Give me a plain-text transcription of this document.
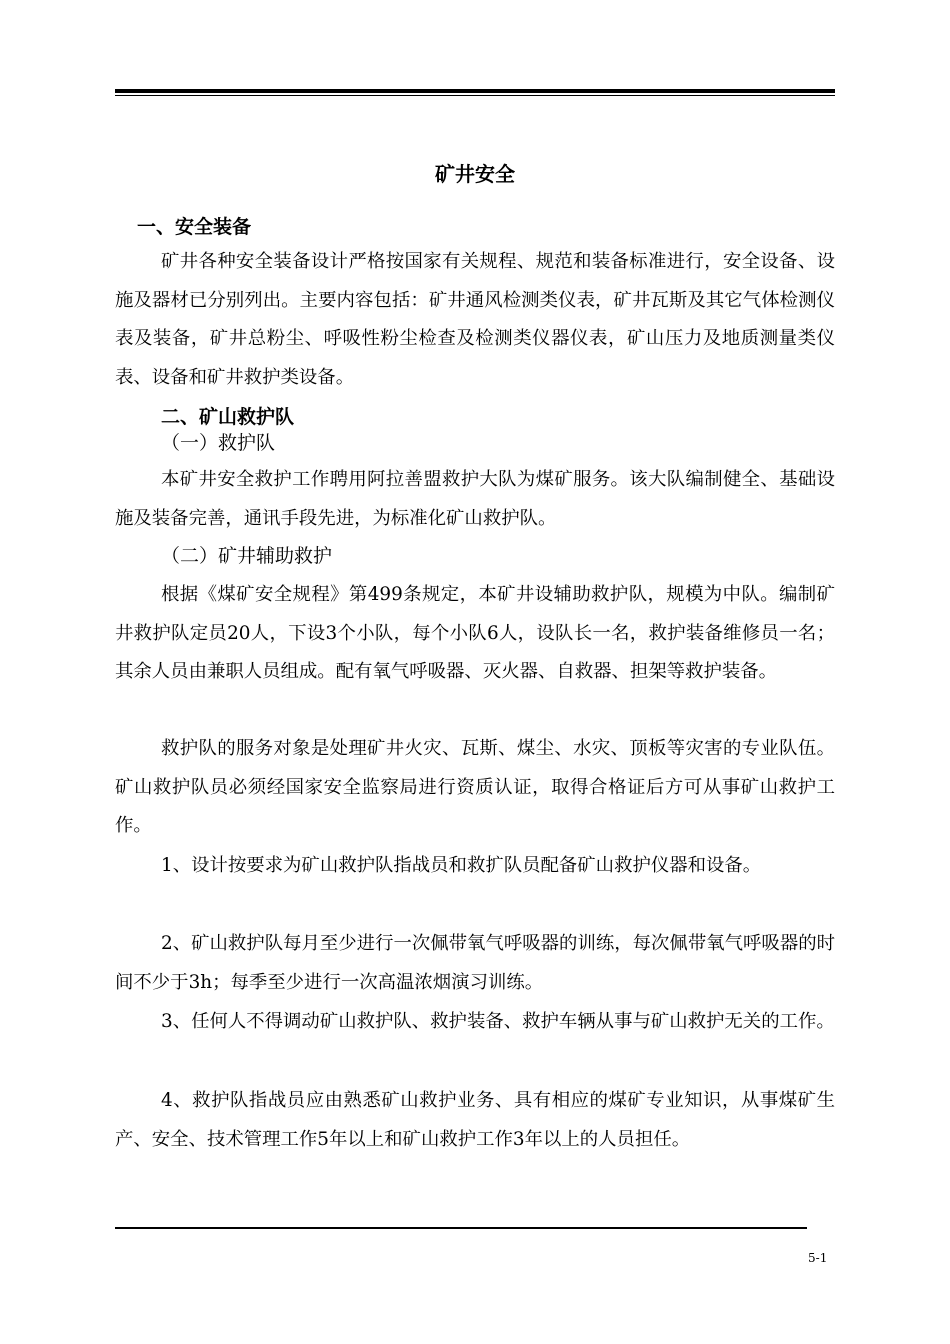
矿井安全
一、安全装备
矿井各种安全装备设计严格按国家有关规程、规范和装备标准进行，安全设备、设施及器材已分别列出。主要内容包括：矿井通风检测类仪表，矿井瓦斯及其它气体检测仪表及装备，矿井总粉尘、呼吸性粉尘检查及检测类仪器仪表，矿山压力及地质测量类仪表、设备和矿井救护类设备。
二、矿山救护队
（一）救护队
本矿井安全救护工作聘用阿拉善盟救护大队为煤矿服务。该大队编制健全、基础设施及装备完善，通讯手段先进，为标准化矿山救护队。
（二）矿井辅助救护
根据《煤矿安全规程》第499条规定，本矿井设辅助救护队，规模为中队。编制矿井救护队定员20人，下设3个小队，每个小队6人，设队长一名，救护装备维修员一名；其余人员由兼职人员组成。配有氧气呼吸器、灭火器、自救器、担架等救护装备。
救护队的服务对象是处理矿井火灾、瓦斯、煤尘、水灾、顶板等灾害的专业队伍。矿山救护队员必须经国家安全监察局进行资质认证，取得合格证后方可从事矿山救护工作。
1、设计按要求为矿山救护队指战员和救扩队员配备矿山救护仪器和设备。
2、矿山救护队每月至少进行一次佩带氧气呼吸器的训练，每次佩带氧气呼吸器的时间不少于3h；每季至少进行一次高温浓烟演习训练。
3、任何人不得调动矿山救护队、救护装备、救护车辆从事与矿山救护无关的工作。
4、救护队指战员应由熟悉矿山救护业务、具有相应的煤矿专业知识，从事煤矿生产、安全、技术管理工作5年以上和矿山救护工作3年以上的人员担任。
5-1
